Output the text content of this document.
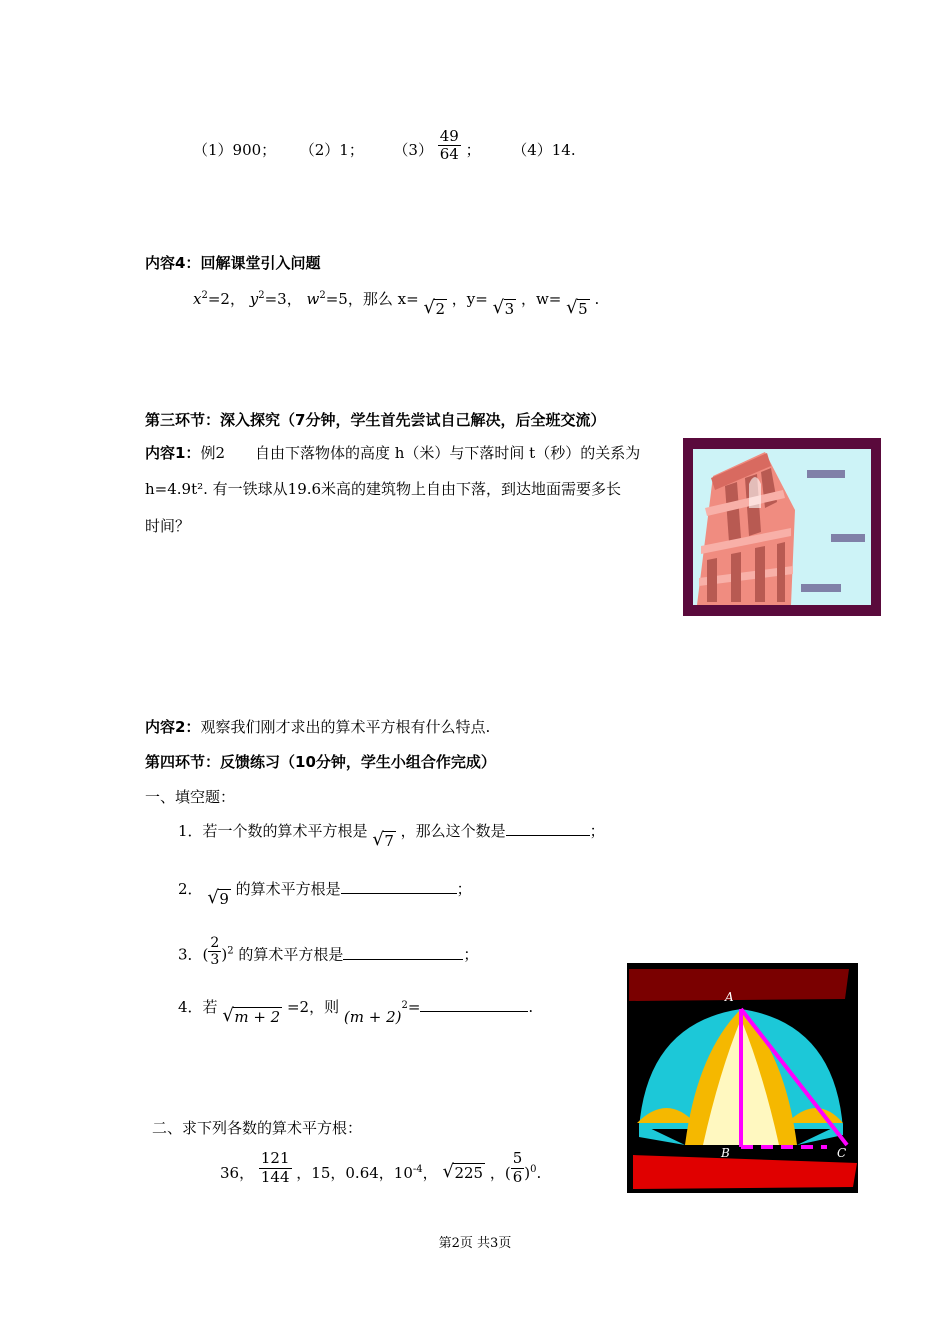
（1）900； （2）1； $(3) \frac{49}{64}$ ； （4）14.
内容4：回解课堂引入问题
$x^2=2$， $y^2=3$， $w^2=5$，那么 x= √ 2 ，y= √ 3 ，w= √ 5 .
第三环节：深入探究（7分钟，学生首先尝试自己解决，后全班交流）
内容1：例2　　自由下落物体的高度 h（米）与下落时间 t（秒）的关系为
h=4.9t². 有一铁球从19.6米高的建筑物上自由下落，到达地面需要多长
时间？
内容2：观察我们刚才求出的算术平方根有什么特点.
第四环节：反馈练习（10分钟，学生小组合作完成）
一、填空题：
1．若一个数的算术平方根是 √ 7 ，那么这个数是	；
2． √ 9 的算术平方根是	；
3．( $\frac{2}{3} )^2$ 的算术平方根是	；
4．若 √ m + 2 =2，则 $(m + 2)^2=$	.
二、求下列各数的算术平方根：
36， $\frac{121}{144}$ ，15，0.64，$10^{-4}$， √ 225 ，( $\frac{5}{6} )^0$.
A
B	C
第2页 共3页
